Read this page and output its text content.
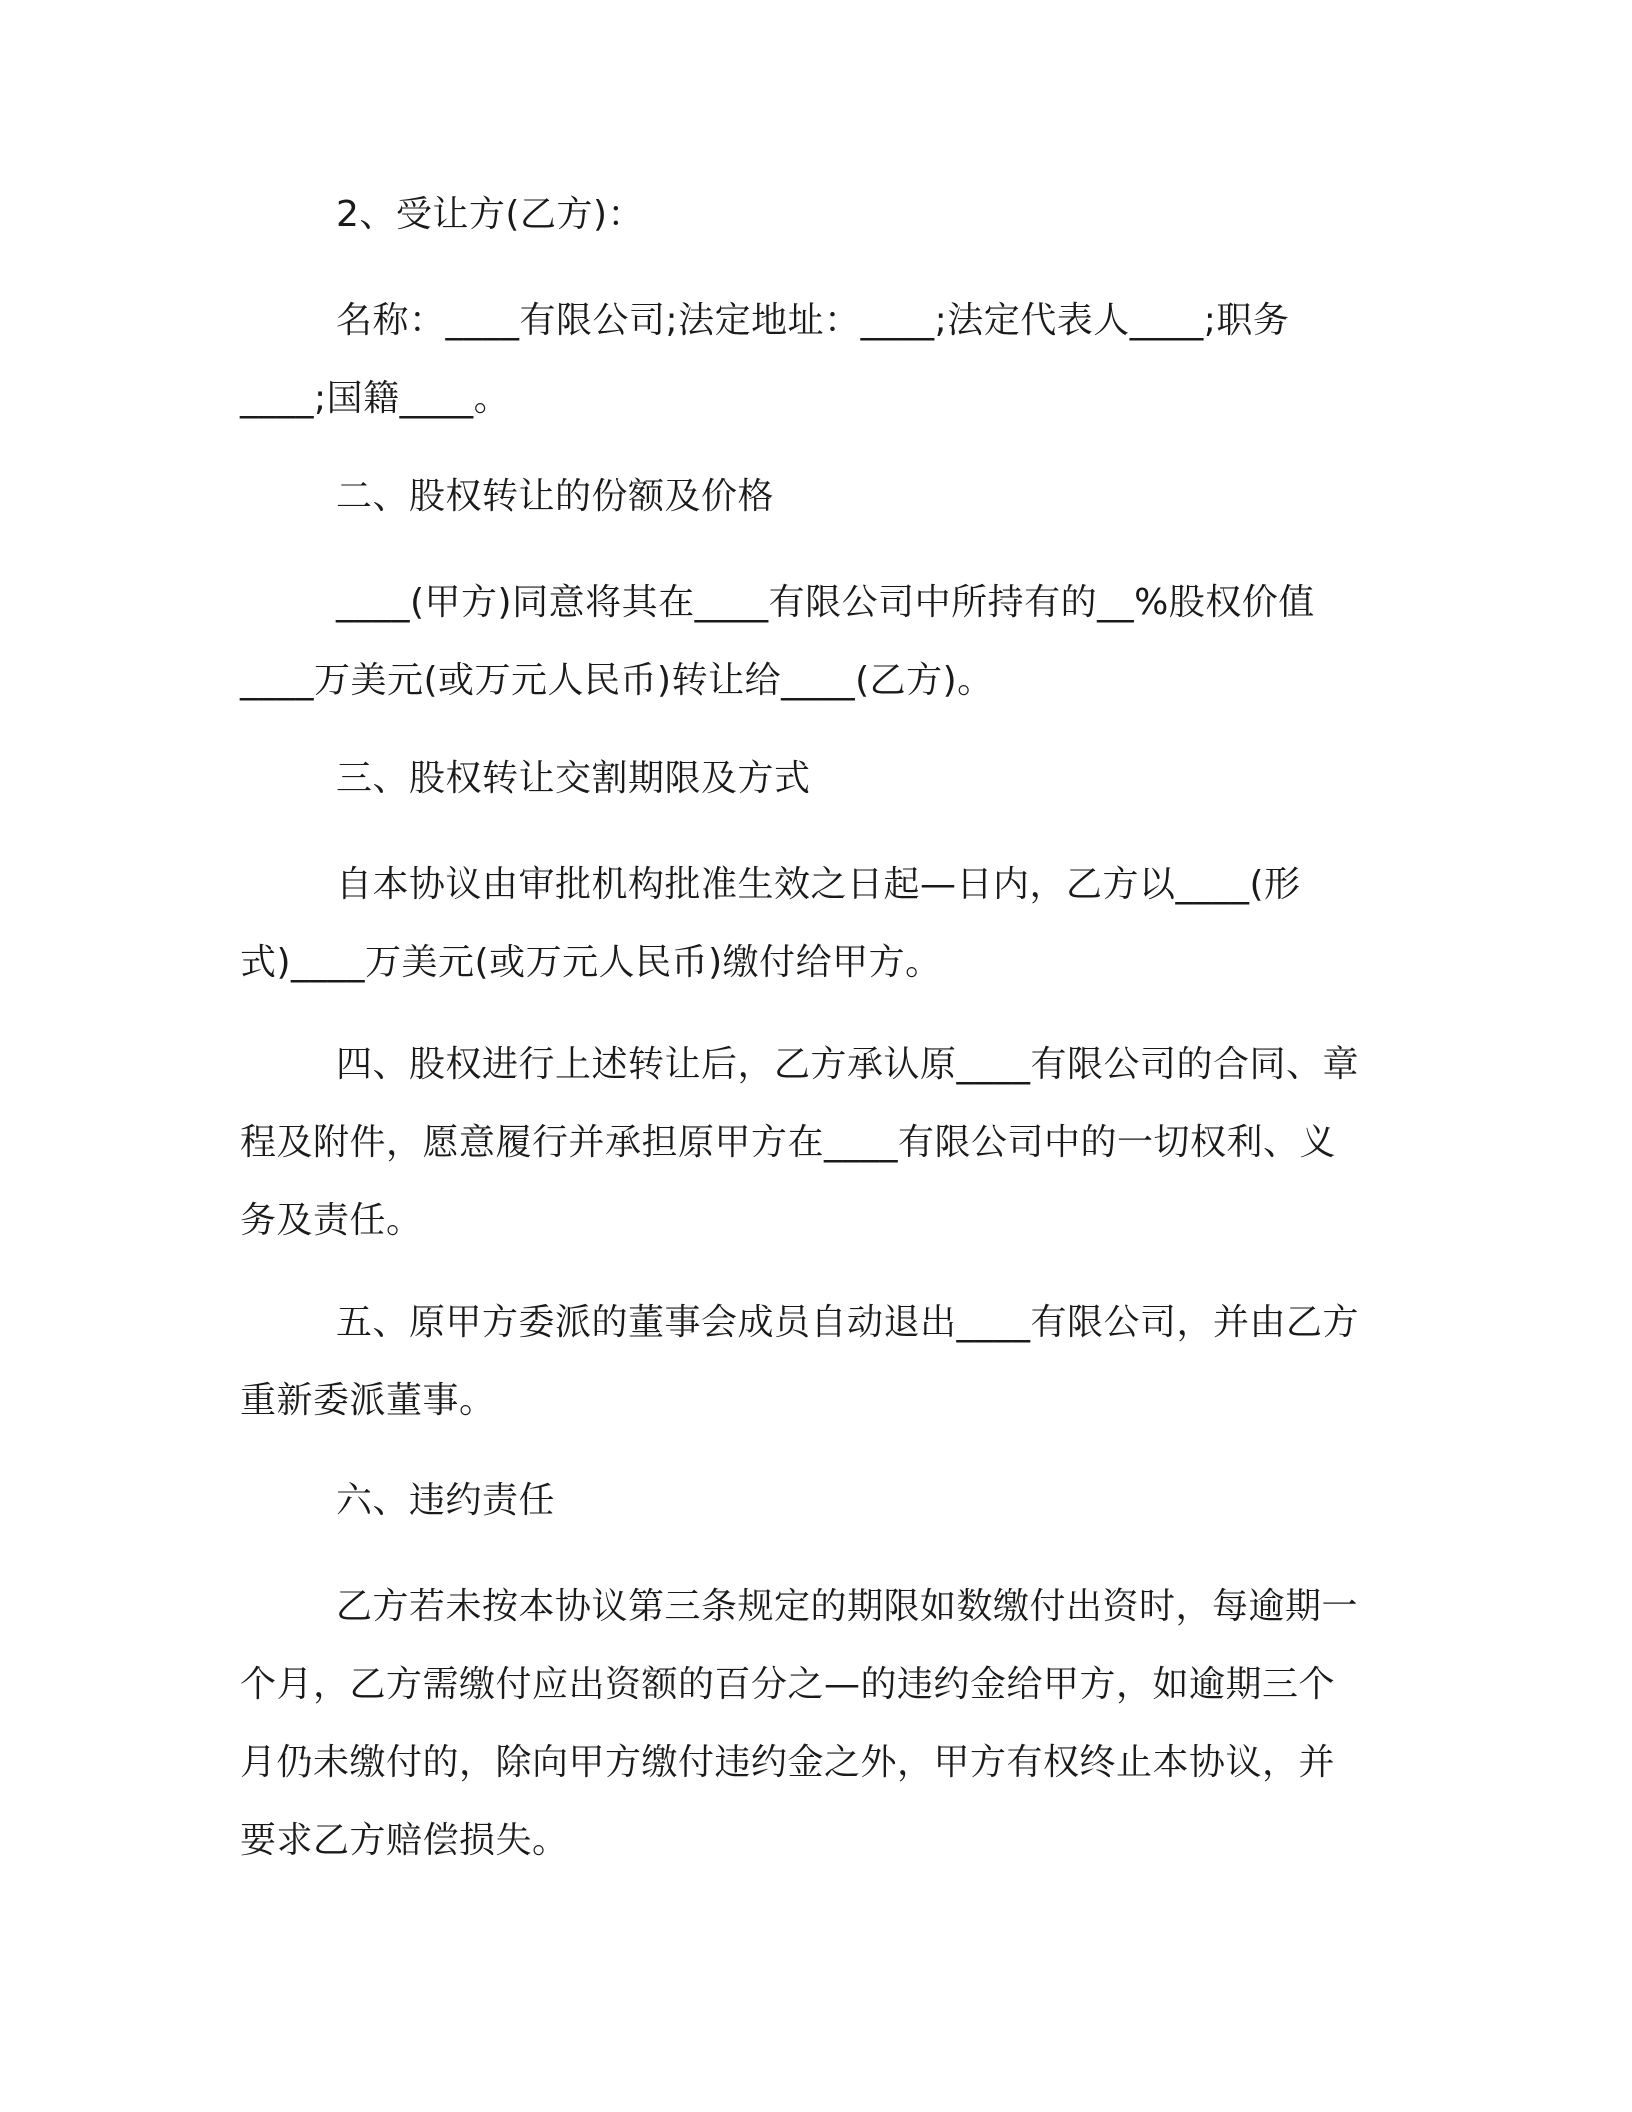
2、受让方(乙方)：
名称：____有限公司;法定地址：____;法定代表人____;职务
____;国籍____。
二、股权转让的份额及价格
____(甲方)同意将其在____有限公司中所持有的__%股权价值
____万美元(或万元人民币)转让给____(乙方)。
三、股权转让交割期限及方式
自本协议由审批机构批准生效之日起—日内，乙方以____(形
式)____万美元(或万元人民币)缴付给甲方。
四、股权进行上述转让后，乙方承认原____有限公司的合同、章
程及附件，愿意履行并承担原甲方在____有限公司中的一切权利、义
务及责任。
五、原甲方委派的董事会成员自动退出____有限公司，并由乙方
重新委派董事。
六、违约责任
乙方若未按本协议第三条规定的期限如数缴付出资时，每逾期一
个月，乙方需缴付应出资额的百分之—的违约金给甲方，如逾期三个
月仍未缴付的，除向甲方缴付违约金之外，甲方有权终止本协议，并
要求乙方赔偿损失。
